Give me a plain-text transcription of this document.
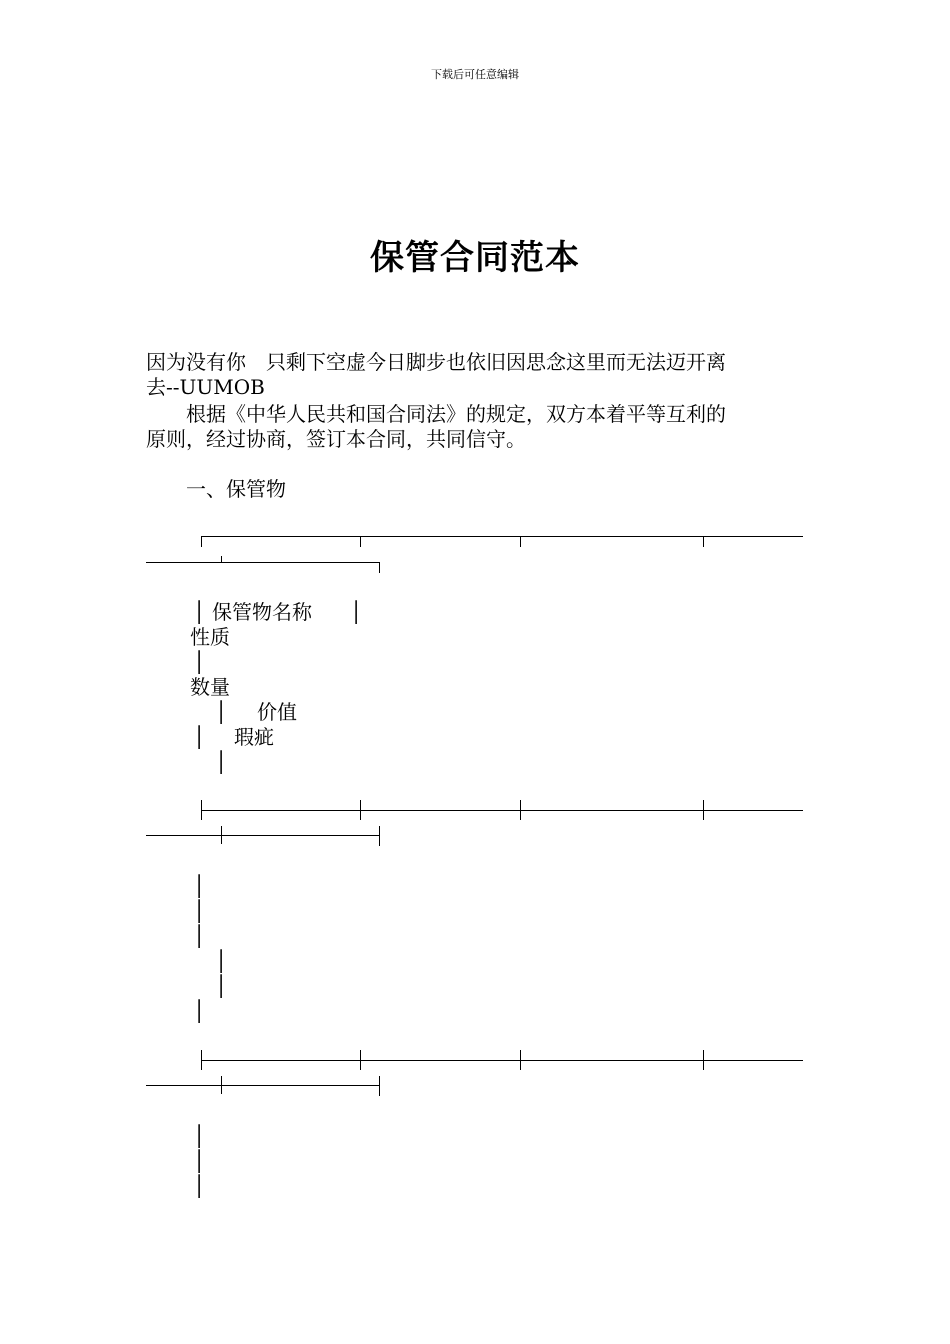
下载后可任意编辑
保管合同范本
因为没有你　只剩下空虚今日脚步也依旧因思念这里而无法迈开离
去--UUMOB
　　根据《中华人民共和国合同法》的规定，双方本着平等互利的
原则，经过协商，签订本合同，共同信守。
　　一、保管物
│ 保管物名称 │
性质
│
数量
│ 价值
│ 瑕疵
│
│
│
│
│
│
│
│
│
│
